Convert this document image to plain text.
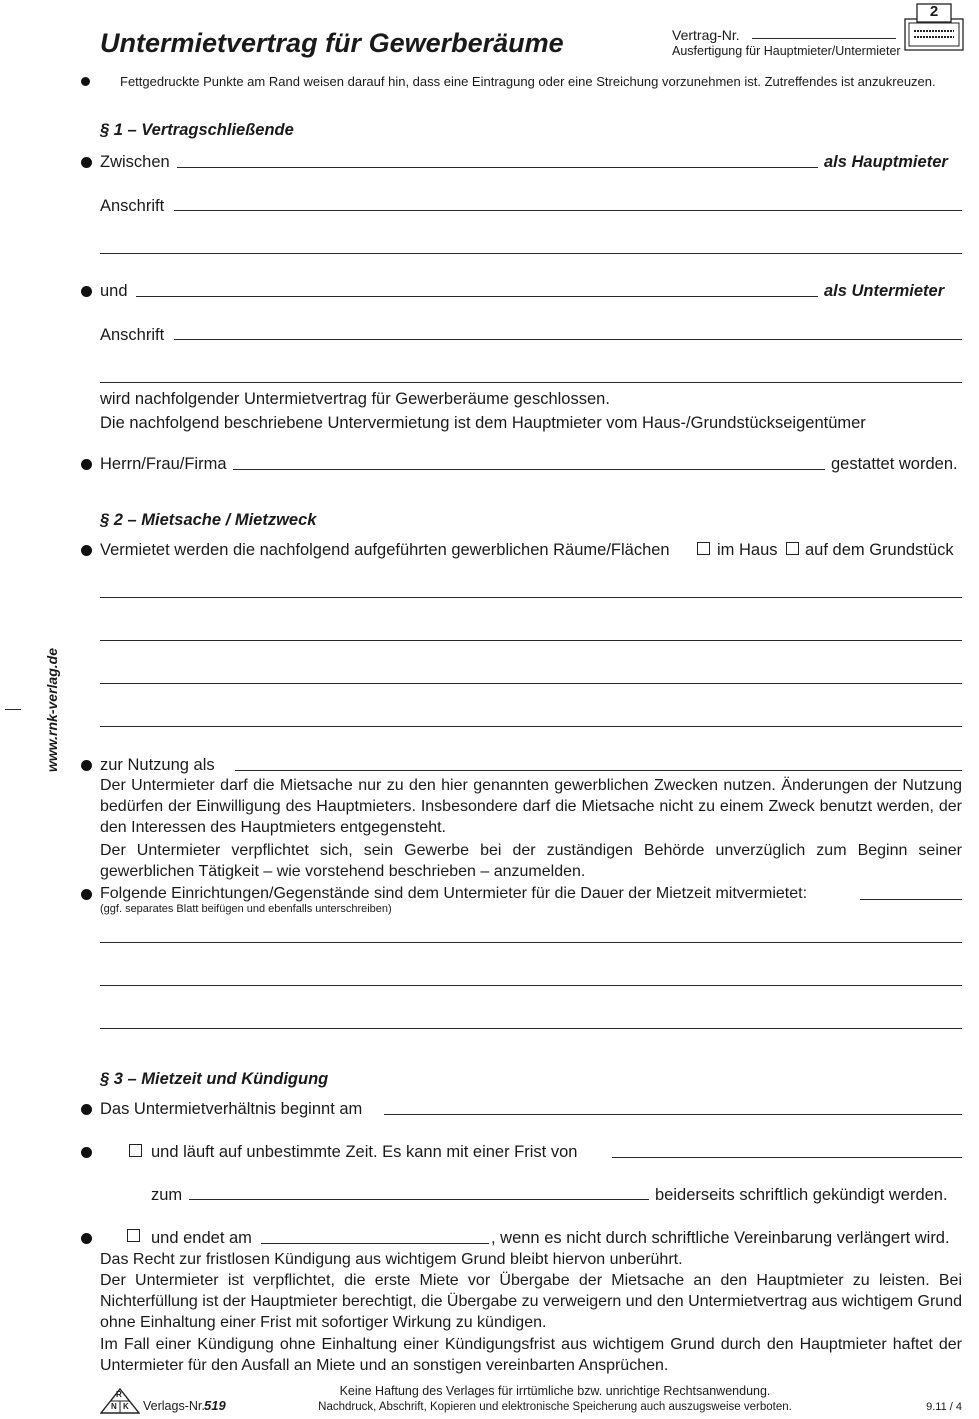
Untermietvertrag für Gewerberäume	Vertrag-Nr.
Ausfertigung für Hauptmieter/Untermieter
2
Fettgedruckte Punkte am Rand weisen darauf hin, dass eine Eintragung oder eine Streichung vorzunehmen ist. Zutreffendes ist anzukreuzen.
www.rnk-verlag.de
§ 1 – Vertragschließende
Zwischen	als Hauptmieter
Anschrift
und	als Untermieter
Anschrift
wird nachfolgender Untermietvertrag für Gewerberäume geschlossen.
Die nachfolgend beschriebene Untervermietung ist dem Hauptmieter vom Haus-/Grundstückseigentümer
Herrn/Frau/Firma	gestattet worden.
§ 2 – Mietsache / Mietzweck
Vermietet werden die nachfolgend aufgeführten gewerblichen Räume/Flächen	im Haus auf dem Grundstück
zur Nutzung als
Der Untermieter darf die Mietsache nur zu den hier genannten gewerblichen Zwecken nutzen. Änderungen der Nutzung bedürfen der Einwilligung des Hauptmieters. Insbesondere darf die Mietsache nicht zu einem Zweck benutzt werden, der den Interessen des Hauptmieters entgegensteht.
Der Untermieter verpflichtet sich, sein Gewerbe bei der zuständigen Behörde unverzüglich zum Beginn seiner gewerblichen Tätigkeit – wie vorstehend beschrieben – anzumelden.
Folgende Einrichtungen/Gegenstände sind dem Untermieter für die Dauer der Mietzeit mitvermietet:
(ggf. separates Blatt beifügen und ebenfalls unterschreiben)
§ 3 – Mietzeit und Kündigung
Das Untermietverhältnis beginnt am
und läuft auf unbestimmte Zeit. Es kann mit einer Frist von
zum	beiderseits schriftlich gekündigt werden.
und endet am	, wenn es nicht durch schriftliche Vereinbarung verlängert wird.
Das Recht zur fristlosen Kündigung aus wichtigem Grund bleibt hiervon unberührt.
Der Untermieter ist verpflichtet, die erste Miete vor Übergabe der Mietsache an den Hauptmieter zu leisten. Bei Nichterfüllung ist der Hauptmieter berechtigt, die Übergabe zu verweigern und den Untermietvertrag aus wichtigem Grund ohne Einhaltung einer Frist mit sofortiger Wirkung zu kündigen.
Im Fall einer Kündigung ohne Einhaltung einer Kündigungsfrist aus wichtigem Grund durch den Hauptmieter haftet der Untermieter für den Ausfall an Miete und an sonstigen vereinbarten Ansprüchen.
R
N K Verlags-Nr. 519
Keine Haftung des Verlages für irrtümliche bzw. unrichtige Rechtsanwendung.
Nachdruck, Abschrift, Kopieren und elektronische Speicherung auch auszugsweise verboten.	9.11 / 4
